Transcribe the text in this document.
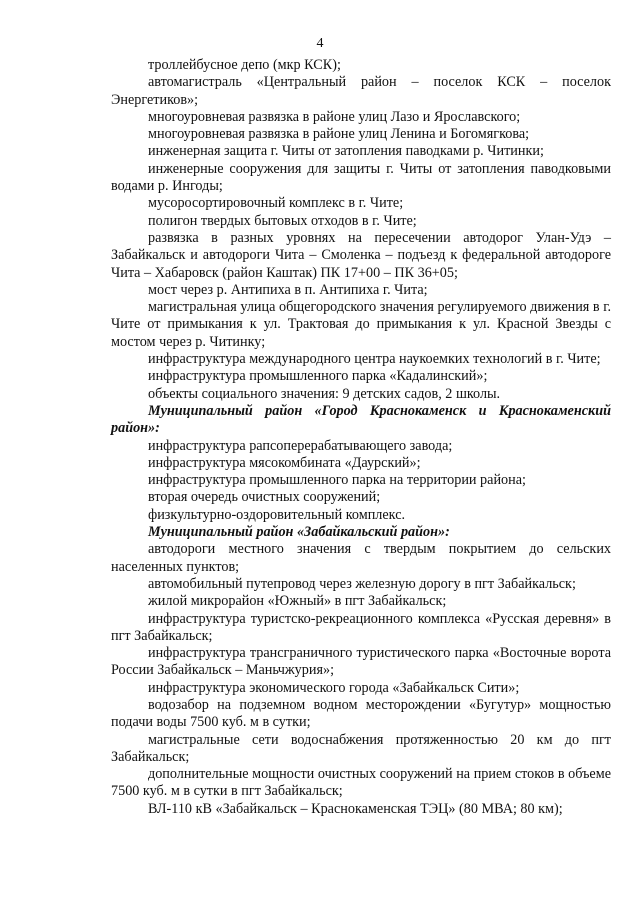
4

троллейбусное депо (мкр КСК);

автомагистраль «Центральный район – поселок КСК – поселок Энергетиков»;

многоуровневая развязка в районе улиц Лазо и Ярославского;

многоуровневая развязка в районе улиц Ленина и Богомягкова;

инженерная защита г. Читы от затопления паводками р. Читинки;

инженерные сооружения для защиты г. Читы от затопления паводковыми водами р. Ингоды;

мусоросортировочный комплекс в г. Чите;

полигон твердых бытовых отходов в г. Чите;

развязка в разных уровнях на пересечении автодорог Улан-Удэ – Забайкальск и автодороги Чита – Смоленка – подъезд к федеральной автодороге Чита – Хабаровск (район Каштак) ПК 17+00 – ПК 36+05;

мост через р. Антипиха в п. Антипиха г. Чита;

магистральная улица общегородского значения регулируемого движения в г. Чите от примыкания к ул. Трактовая до примыкания к ул. Красной Звезды с мостом через р. Читинку;

инфраструктура международного центра наукоемких технологий в г. Чите;

инфраструктура промышленного парка «Кадалинский»;

объекты социального значения: 9 детских садов, 2 школы.

Муниципальный район «Город Краснокаменск и Краснокаменский район»:

инфраструктура рапсоперерабатывающего завода;

инфраструктура мясокомбината «Даурский»;

инфраструктура промышленного парка на территории района;

вторая очередь очистных сооружений;

физкультурно-оздоровительный комплекс.

Муниципальный район «Забайкальский район»:

автодороги местного значения с твердым покрытием до сельских населенных пунктов;

автомобильный путепровод через железную дорогу в пгт Забайкальск;

жилой микрорайон «Южный» в пгт Забайкальск;

инфраструктура туристско-рекреационного комплекса «Русская деревня» в пгт Забайкальск;

инфраструктура трансграничного туристического парка «Восточные ворота России Забайкальск – Маньчжурия»;

инфраструктура экономического города «Забайкальск Сити»;

водозабор на подземном водном месторождении «Бугутур» мощностью подачи воды 7500 куб. м в сутки;

магистральные сети водоснабжения протяженностью 20 км до пгт Забайкальск;

дополнительные мощности очистных сооружений на прием стоков в объеме 7500 куб. м в сутки в пгт Забайкальск;

ВЛ-110 кВ «Забайкальск – Краснокаменская ТЭЦ» (80 МВА; 80 км);
